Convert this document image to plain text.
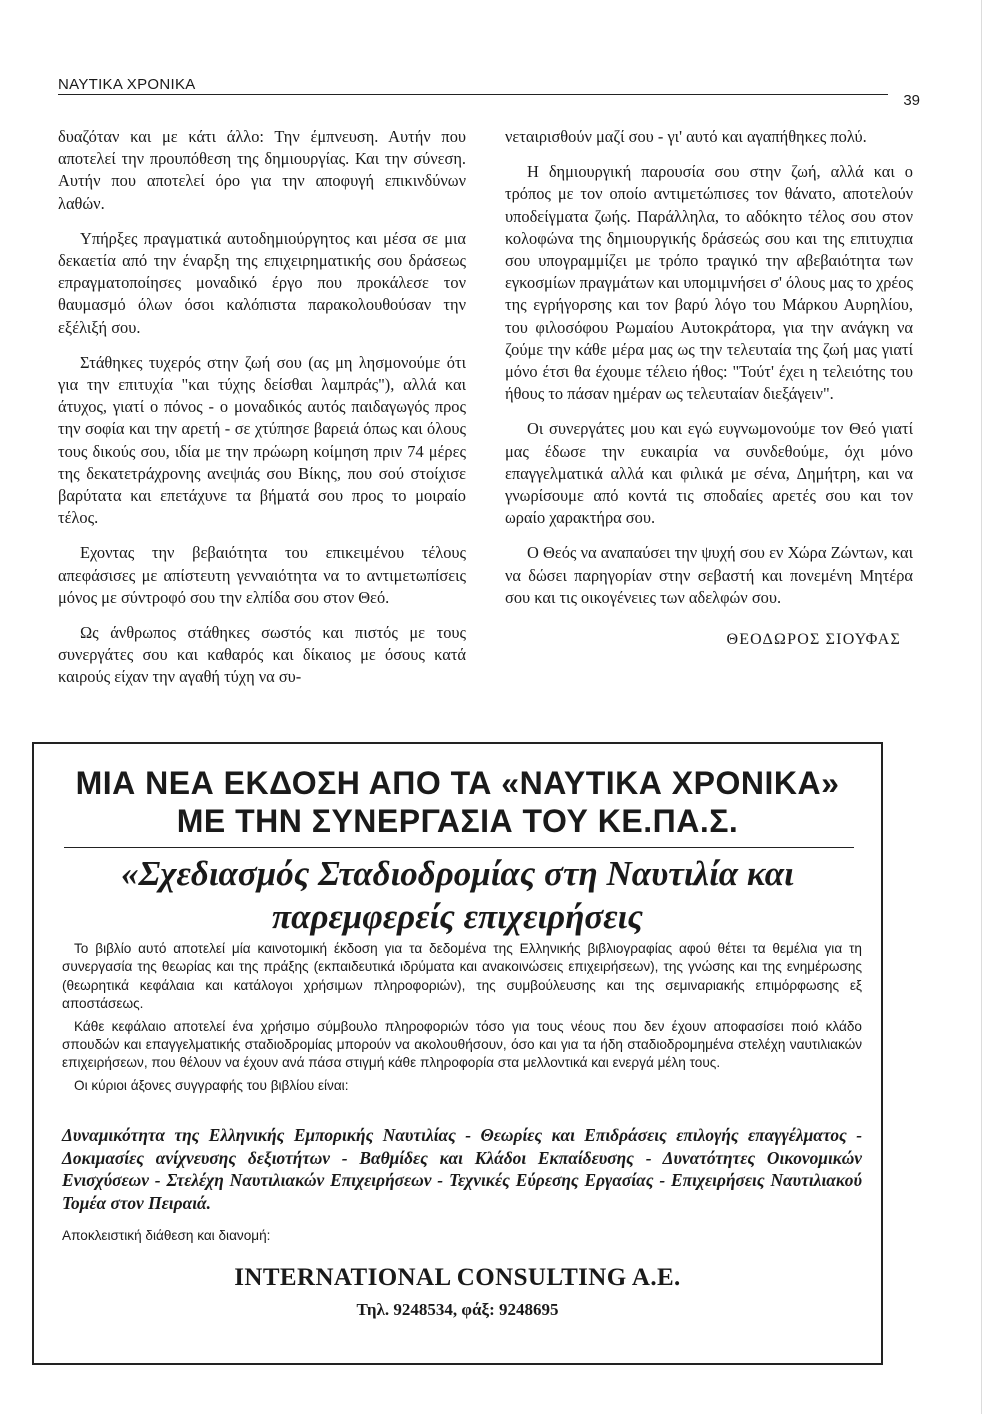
ΝΑΥΤΙΚΑ ΧΡΟΝΙΚΑ
39

δυαζόταν και με κάτι άλλο: Την έμπνευση. Αυτήν που αποτελεί την προυπόθεση της δημιουργίας. Και την σύνεση. Αυτήν που αποτελεί όρο για την αποφυγή επικινδύνων λαθών.

Υπήρξες πραγματικά αυτοδημιούργητος και μέσα σε μια δεκαετία από την έναρξη της επιχειρηματικής σου δράσεως επραγματοποίησες μοναδικό έργο που προκάλεσε τον θαυμασμό όλων όσοι καλόπιστα παρακολουθούσαν την εξέλιξή σου.

Στάθηκες τυχερός στην ζωή σου (ας μη λησμονούμε ότι για την επιτυχία "και τύχης δείσθαι λαμπράς"), αλλά και άτυχος, γιατί ο πόνος - ο μοναδικός αυτός παιδαγωγός προς την σοφία και την αρετή - σε χτύπησε βαρειά όπως και όλους τους δικούς σου, ιδία με την πρώωρη κοίμηση πριν 74 μέρες της δεκατετράχρονης ανεψιάς σου Βίκης, που σού στοίχισε βαρύτατα και επετάχυνε τα βήματά σου προς το μοιραίο τέλος.

Εχοντας την βεβαιότητα του επικειμένου τέλους απεφάσισες με απίστευτη γενναιότητα να το αντιμετωπίσεις μόνος με σύντροφό σου την ελπίδα σου στον Θεό.

Ως άνθρωπος στάθηκες σωστός και πιστός με τους συνεργάτες σου και καθαρός και δίκαιος με όσους κατά καιρούς είχαν την αγαθή τύχη να συ-

νεταιρισθούν μαζί σου - γι' αυτό και αγαπήθηκες πολύ.

Η δημιουργική παρουσία σου στην ζωή, αλλά και ο τρόπος με τον οποίο αντιμετώπισες τον θάνατο, αποτελούν υποδείγματα ζωής. Παράλληλα, το αδόκητο τέλος σου στον κολοφώνα της δημιουργικής δράσεώς σου και της επιτυχπια σου υπογραμμίζει με τρόπο τραγικό την αβεβαιότητα των εγκοσμίων πραγμάτων και υπομιμνήσει σ' όλους μας το χρέος της εγρήγορσης και τον βαρύ λόγο του Μάρκου Αυρηλίου, του φιλοσόφου Ρωμαίου Αυτοκράτορα, για την ανάγκη να ζούμε την κάθε μέρα μας ως την τελευταία της ζωή μας γιατί μόνο έτσι θα έχουμε τέλειο ήθος: "Τούτ' έχει η τελειότης του ήθους το πάσαν ημέραν ως τελευταίαν διεξάγειν".

Οι συνεργάτες μου και εγώ ευγνωμονούμε τον Θεό γιατί μας έδωσε την ευκαιρία να συνδεθούμε, όχι μόνο επαγγελματικά αλλά και φιλικά με σένα, Δημήτρη, και να γνωρίσουμε από κοντά τις σποδαίες αρετές σου και τον ωραίο χαρακτήρα σου.

Ο Θεός να αναπαύσει την ψυχή σου εν Χώρα Ζώντων, και να δώσει παρηγορίαν στην σεβαστή και πονεμένη Μητέρα σου και τις οικογένειες των αδελφών σου.

ΘΕΟΔΩΡΟΣ ΣΙΟΥΦΑΣ
ΜΙΑ ΝΕΑ ΕΚΔΟΣΗ ΑΠΟ ΤΑ «ΝΑΥΤΙΚΑ ΧΡΟΝΙΚΑ»
ΜΕ ΤΗΝ ΣΥΝΕΡΓΑΣΙΑ ΤΟΥ ΚΕ.ΠΑ.Σ.
«Σχεδιασμός Σταδιοδρομίας στη Ναυτιλία και
παρεμφερείς επιχειρήσεις

Το βιβλίο αυτό αποτελεί μία καινοτομική έκδοση για τα δεδομένα της Ελληνικής βιβλιογραφίας αφού θέτει τα θεμέλια για τη συνεργασία της θεωρίας και της πράξης (εκπαιδευτικά ιδρύματα και ανακοινώσεις επιχειρήσεων), της γνώσης και της ενημέρωσης (θεωρητικά κεφάλαια και κατάλογοι χρήσιμων πληροφοριών), της συμβούλευσης και της σεμιναριακής επιμόρφωσης εξ αποστάσεως.

Κάθε κεφάλαιο αποτελεί ένα χρήσιμο σύμβουλο πληροφοριών τόσο για τους νέους που δεν έχουν αποφασίσει ποιό κλάδο σπουδών και επαγγελματικής σταδιοδρομίας μπορούν να ακολουθήσουν, όσο και για τα ήδη σταδιοδρομημένα στελέχη ναυτιλιακών επιχειρήσεων, που θέλουν να έχουν ανά πάσα στιγμή κάθε πληροφορία στα μελλοντικά και ενεργά μέλη τους.

Οι κύριοι άξονες συγγραφής του βιβλίου είναι:

Δυναμικότητα της Ελληνικής Εμπορικής Ναυτιλίας - Θεωρίες και Επιδράσεις επιλογής επαγγέλματος - Δοκιμασίες ανίχνευσης δεξιοτήτων - Βαθμίδες και Κλάδοι Εκπαίδευσης - Δυνατότητες Οικονομικών Ενισχύσεων - Στελέχη Ναυτιλιακών Επιχειρήσεων - Τεχνικές Εύρεσης Εργασίας - Επιχειρήσεις Ναυτιλιακού Τομέα στον Πειραιά.
Αποκλειστική διάθεση και διανομή:
INTERNATIONAL CONSULTING A.E.
Τηλ. 9248534, φάξ: 9248695
